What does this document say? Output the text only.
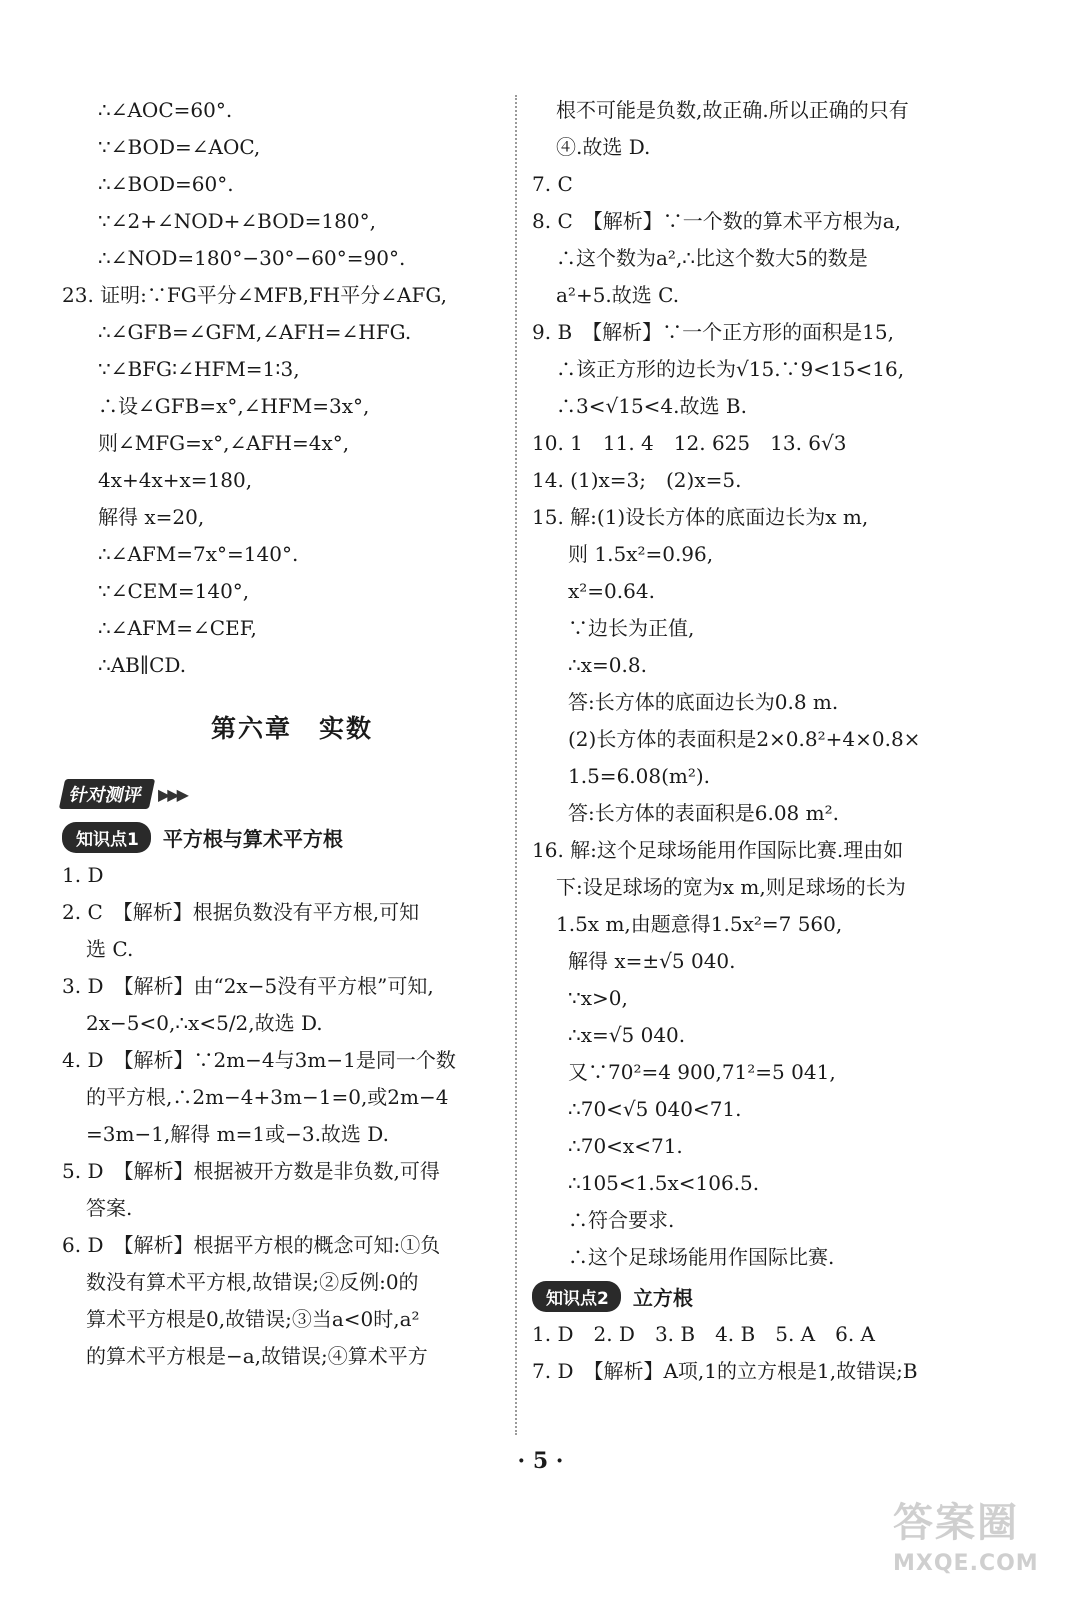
∴∠AOC=60°.
∵∠BOD=∠AOC,
∴∠BOD=60°.
∵∠2+∠NOD+∠BOD=180°,
∴∠NOD=180°−30°−60°=90°.
23. 证明:∵FG平分∠MFB,FH平分∠AFG,
∴∠GFB=∠GFM,∠AFH=∠HFG.
∵∠BFG∶∠HFM=1∶3,
∴设∠GFB=x°,∠HFM=3x°,
则∠MFG=x°,∠AFH=4x°,
4x+4x+x=180,
解得 x=20,
∴∠AFM=7x°=140°.
∵∠CEM=140°,
∴∠AFM=∠CEF,
∴AB∥CD.
第六章　实数
针对测评 ▶▶▶
知识点1	平方根与算术平方根
1. D
2. C　【解析】根据负数没有平方根,可知
选 C.
3. D　【解析】由“2x−5没有平方根”可知,
2x−5<0,∴x<5/2,故选 D.
4. D　【解析】∵2m−4与3m−1是同一个数
的平方根,∴2m−4+3m−1=0,或2m−4
=3m−1,解得 m=1或−3.故选 D.
5. D　【解析】根据被开方数是非负数,可得
答案.
6. D　【解析】根据平方根的概念可知:①负
数没有算术平方根,故错误;②反例:0的
算术平方根是0,故错误;③当a<0时,a²
的算术平方根是−a,故错误;④算术平方
根不可能是负数,故正确.所以正确的只有
④.故选 D.
7. C
8. C　【解析】∵一个数的算术平方根为a,
∴这个数为a²,∴比这个数大5的数是
a²+5.故选 C.
9. B　【解析】∵一个正方形的面积是15,
∴该正方形的边长为√15.∵9<15<16,
∴3<√15<4.故选 B.
10. 1　11. 4　12. 625　13. 6√3
14. (1)x=3;　(2)x=5.
15. 解:(1)设长方体的底面边长为x m,
则 1.5x²=0.96,
x²=0.64.
∵边长为正值,
∴x=0.8.
答:长方体的底面边长为0.8 m.
(2)长方体的表面积是2×0.8²+4×0.8×
1.5=6.08(m²).
答:长方体的表面积是6.08 m².
16. 解:这个足球场能用作国际比赛.理由如
下:设足球场的宽为x m,则足球场的长为
1.5x m,由题意得1.5x²=7 560,
解得 x=±√5 040.
∵x>0,
∴x=√5 040.
又∵70²=4 900,71²=5 041,
∴70<√5 040<71.
∴70<x<71.
∴105<1.5x<106.5.
∴符合要求.
∴这个足球场能用作国际比赛.
知识点2	立方根
1. D　2. D　3. B　4. B　5. A　6. A
7. D　【解析】A项,1的立方根是1,故错误;B
· 5 ·
答案圈
MXQE.COM
